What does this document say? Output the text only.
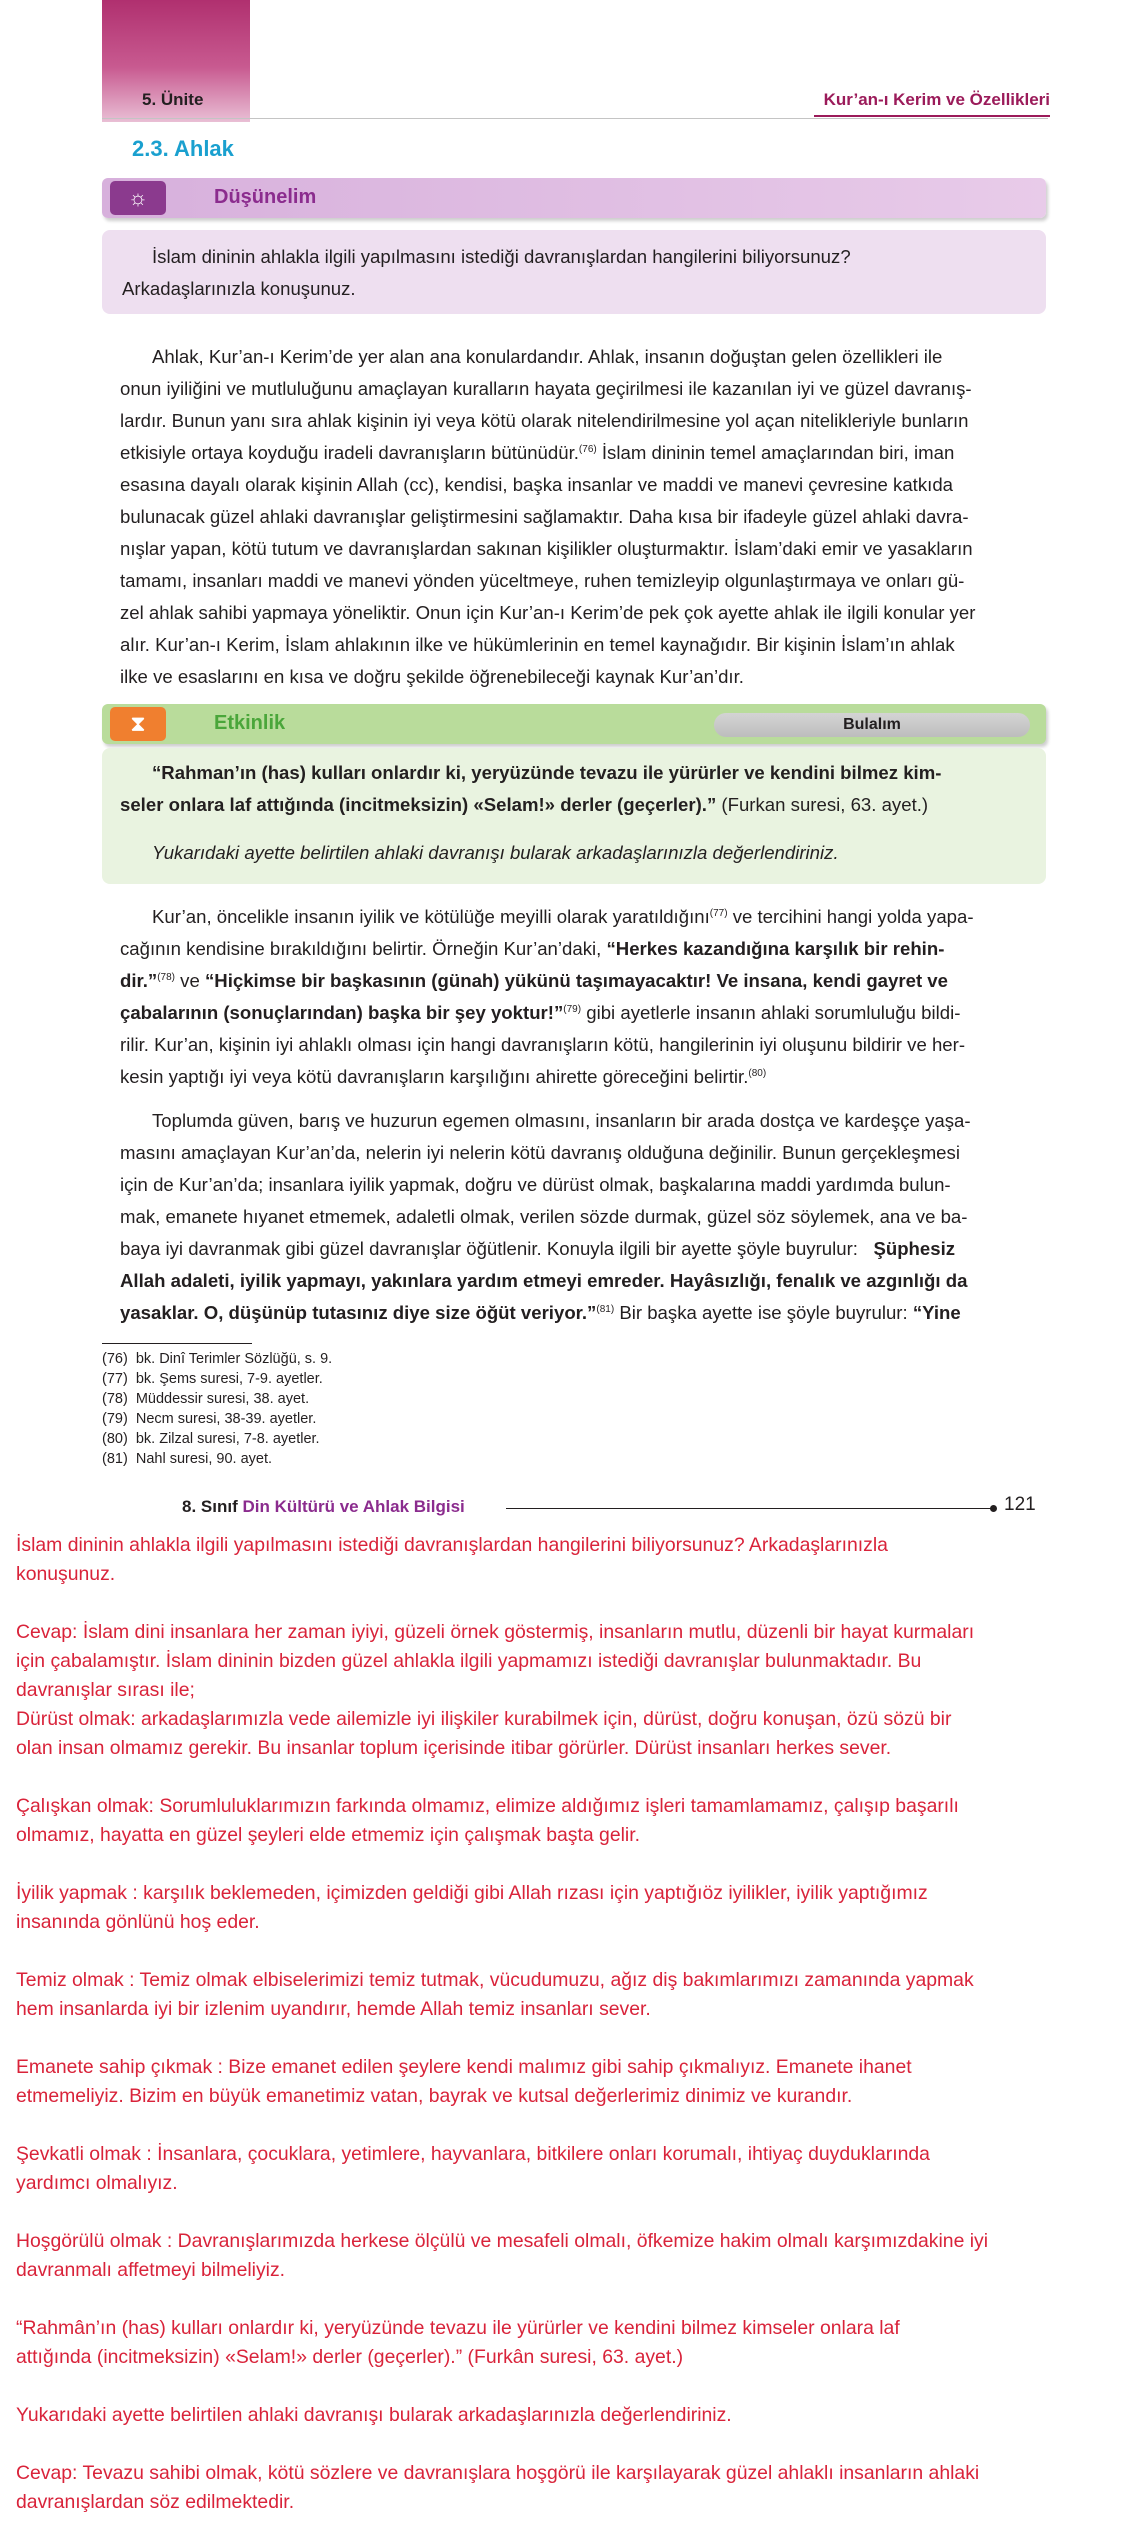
5. Ünite	Kur’an-ı Kerim ve Özellikleri
2.3. Ahlak
☼	Düşünelim
İslam dininin ahlakla ilgili yapılmasını istediği davranışlardan hangilerini biliyorsunuz?
Arkadaşlarınızla konuşunuz.
Ahlak, Kur’an-ı Kerim’de yer alan ana konulardandır. Ahlak, insanın doğuştan gelen özellikleri ile
onun iyiliğini ve mutluluğunu amaçlayan kuralların hayata geçirilmesi ile kazanılan iyi ve güzel davranış-
lardır. Bunun yanı sıra ahlak kişinin iyi veya kötü olarak nitelendirilmesine yol açan nitelikleriyle bunların
etkisiyle ortaya koyduğu iradeli davranışların bütünüdür.$^{(76)}$ İslam dininin temel amaçlarından biri, iman
esasına dayalı olarak kişinin Allah (cc), kendisi, başka insanlar ve maddi ve manevi çevresine katkıda
bulunacak güzel ahlaki davranışlar geliştirmesini sağlamaktır. Daha kısa bir ifadeyle güzel ahlaki davra-
nışlar yapan, kötü tutum ve davranışlardan sakınan kişilikler oluşturmaktır. İslam’daki emir ve yasakların
tamamı, insanları maddi ve manevi yönden yüceltmeye, ruhen temizleyip olgunlaştırmaya ve onları gü-
zel ahlak sahibi yapmaya yöneliktir. Onun için Kur’an-ı Kerim’de pek çok ayette ahlak ile ilgili konular yer
alır. Kur’an-ı Kerim, İslam ahlakının ilke ve hükümlerinin en temel kaynağıdır. Bir kişinin İslam’ın ahlak
ilke ve esaslarını en kısa ve doğru şekilde öğrenebileceği kaynak Kur’an’dır.
⧗	Etkinlik	Bulalım
“Rahman’ın (has) kulları onlardır ki, yeryüzünde tevazu ile yürürler ve kendini bilmez kim-
seler onlara laf attığında (incitmeksizin) «Selam!» derler (geçerler).” (Furkan suresi, 63. ayet.)
Yukarıdaki ayette belirtilen ahlaki davranışı bularak arkadaşlarınızla değerlendiriniz.
Kur’an, öncelikle insanın iyilik ve kötülüğe meyilli olarak yaratıldığını$^{(77)}$ ve tercihini hangi yolda yapa-
cağının kendisine bırakıldığını belirtir. Örneğin Kur’an’daki, “Herkes kazandığına karşılık bir rehin-
dir.”$^{(78)}$ ve “Hiçkimse bir başkasının (günah) yükünü taşımayacaktır! Ve insana, kendi gayret ve
çabalarının (sonuçlarından) başka bir şey yoktur!”$^{(79)}$ gibi ayetlerle insanın ahlaki sorumluluğu bildi-
rilir. Kur’an, kişinin iyi ahlaklı olması için hangi davranışların kötü, hangilerinin iyi oluşunu bildirir ve her-
kesin yaptığı iyi veya kötü davranışların karşılığını ahirette göreceğini belirtir.$^{(80)}$
Toplumda güven, barış ve huzurun egemen olmasını, insanların bir arada dostça ve kardeşçe yaşa-
masını amaçlayan Kur’an’da, nelerin iyi nelerin kötü davranış olduğuna değinilir. Bunun gerçekleşmesi
için de Kur’an’da; insanlara iyilik yapmak, doğru ve dürüst olmak, başkalarına maddi yardımda bulun-
mak, emanete hıyanet etmemek, adaletli olmak, verilen sözde durmak, güzel söz söylemek, ana ve ba-
baya iyi davranmak gibi güzel davranışlar öğütlenir. Konuyla ilgili bir ayette şöyle buyrulur:   Şüphesiz
Allah adaleti, iyilik yapmayı, yakınlara yardım etmeyi emreder. Hayâsızlığı, fenalık ve azgınlığı da
yasaklar. O, düşünüp tutasınız diye size öğüt veriyor.”$^{(81)}$ Bir başka ayette ise şöyle buyrulur: “Yine
(76)  bk. Dinî Terimler Sözlüğü, s. 9.
(77)  bk. Şems suresi, 7-9. ayetler.
(78)  Müddessir suresi, 38. ayet.
(79)  Necm suresi, 38-39. ayetler.
(80)  bk. Zilzal suresi, 7-8. ayetler.
(81)  Nahl suresi, 90. ayet.
8. Sınıf Din Kültürü ve Ahlak Bilgisi	121
İslam dininin ahlakla ilgili yapılmasını istediği davranışlardan hangilerini biliyorsunuz? Arkadaşlarınızla
konuşunuz.
Cevap: İslam dini insanlara her zaman iyiyi, güzeli örnek göstermiş, insanların mutlu, düzenli bir hayat kurmaları
için çabalamıştır. İslam dininin bizden güzel ahlakla ilgili yapmamızı istediği davranışlar bulunmaktadır. Bu
davranışlar sırası ile;
Dürüst olmak: arkadaşlarımızla vede ailemizle iyi ilişkiler kurabilmek için, dürüst, doğru konuşan, özü sözü bir
olan insan olmamız gerekir. Bu insanlar toplum içerisinde itibar görürler. Dürüst insanları herkes sever.
Çalışkan olmak: Sorumluluklarımızın farkında olmamız, elimize aldığımız işleri tamamlamamız, çalışıp başarılı
olmamız, hayatta en güzel şeyleri elde etmemiz için çalışmak başta gelir.
İyilik yapmak : karşılık beklemeden, içimizden geldiği gibi Allah rızası için yaptığıöz iyilikler, iyilik yaptığımız
insanında gönlünü hoş eder.
Temiz olmak : Temiz olmak elbiselerimizi temiz tutmak, vücudumuzu, ağız diş bakımlarımızı zamanında yapmak
hem insanlarda iyi bir izlenim uyandırır, hemde Allah temiz insanları sever.
Emanete sahip çıkmak : Bize emanet edilen şeylere kendi malımız gibi sahip çıkmalıyız. Emanete ihanet
etmemeliyiz. Bizim en büyük emanetimiz vatan, bayrak ve kutsal değerlerimiz dinimiz ve kurandır.
Şevkatli olmak : İnsanlara, çocuklara, yetimlere, hayvanlara, bitkilere onları korumalı, ihtiyaç duyduklarında
yardımcı olmalıyız.
Hoşgörülü olmak : Davranışlarımızda herkese ölçülü ve mesafeli olmalı, öfkemize hakim olmalı karşımızdakine iyi
davranmalı affetmeyi bilmeliyiz.
“Rahmân’ın (has) kulları onlardır ki, yeryüzünde tevazu ile yürürler ve kendini bilmez kimseler onlara laf
attığında (incitmeksizin) «Selam!» derler (geçerler).” (Furkân suresi, 63. ayet.)
Yukarıdaki ayette belirtilen ahlaki davranışı bularak arkadaşlarınızla değerlendiriniz.
Cevap: Tevazu sahibi olmak, kötü sözlere ve davranışlara hoşgörü ile karşılayarak güzel ahlaklı insanların ahlaki
davranışlardan söz edilmektedir.
